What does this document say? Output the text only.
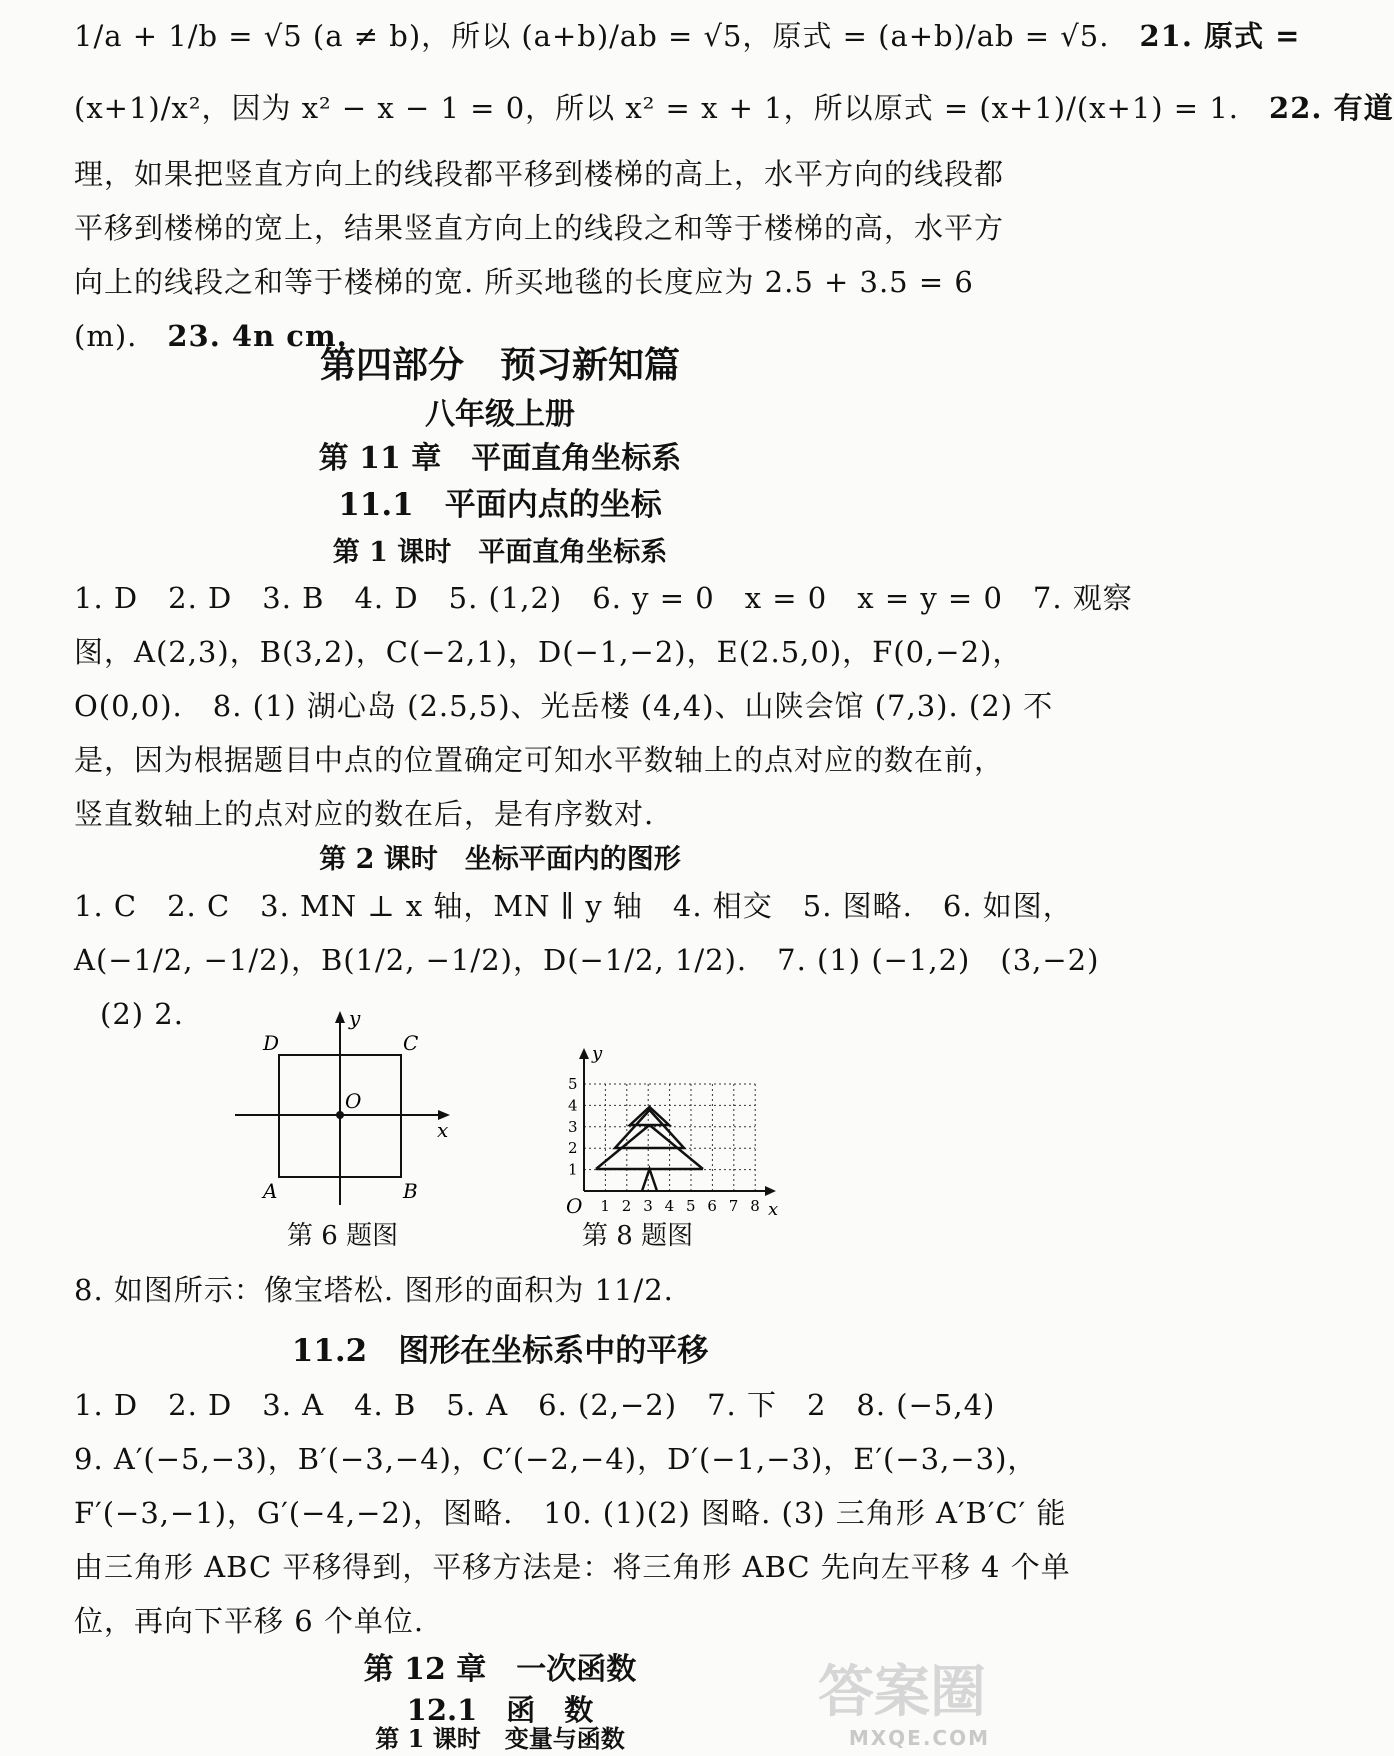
1/a + 1/b = √5 (a ≠ b)，所以 (a+b)/ab = √5，原式 = (a+b)/ab = √5.　 21. 原式 =

(x+1)/x²，因为 x² − x − 1 = 0，所以 x² = x + 1，所以原式 = (x+1)/(x+1) = 1.　 22. 有道

理，如果把竖直方向上的线段都平移到楼梯的高上，水平方向的线段都

平移到楼梯的宽上，结果竖直方向上的线段之和等于楼梯的高，水平方

向上的线段之和等于楼梯的宽. 所买地毯的长度应为 2.5 + 3.5 = 6

(m).　 23. 4n cm.

第四部分　预习新知篇

八年级上册

第 11 章　平面直角坐标系

11.1　平面内点的坐标

第 1 课时　平面直角坐标系

1. D　2. D　3. B　4. D　5. (1,2)　6. y = 0　x = 0　x = y = 0　7. 观察

图，A(2,3)，B(3,2)，C(−2,1)，D(−1,−2)，E(2.5,0)，F(0,−2)，

O(0,0).　8. (1) 湖心岛 (2.5,5)、光岳楼 (4,4)、山陕会馆 (7,3). (2) 不

是，因为根据题目中点的位置确定可知水平数轴上的点对应的数在前，

竖直数轴上的点对应的数在后，是有序数对.

第 2 课时　坐标平面内的图形

1. C　2. C　3. MN ⊥ x 轴，MN ∥ y 轴　4. 相交　5. 图略.　6. 如图，

A(−1/2, −1/2)，B(1/2, −1/2)，D(−1/2, 1/2).　7. (1) (−1,2)　(3,−2)

(2) 2.

D	C
A	B
O
x
y
第 6 题图
1 2 3 4 5 6 7 8
1
2
3
4
5
O	x
y
第 8 题图

8. 如图所示：像宝塔松. 图形的面积为 11/2.

11.2　图形在坐标系中的平移

1. D　2. D　3. A　4. B　5. A　6. (2,−2)　7. 下　2　8. (−5,4)

9. A′(−5,−3)，B′(−3,−4)，C′(−2,−4)，D′(−1,−3)，E′(−3,−3)，

F′(−3,−1)，G′(−4,−2)，图略.　10. (1)(2) 图略. (3) 三角形 A′B′C′ 能

由三角形 ABC 平移得到，平移方法是：将三角形 ABC 先向左平移 4 个单

位，再向下平移 6 个单位.

第 12 章　一次函数

12.1　函　数

第 1 课时　变量与函数

答案圈
MXQE.COM
